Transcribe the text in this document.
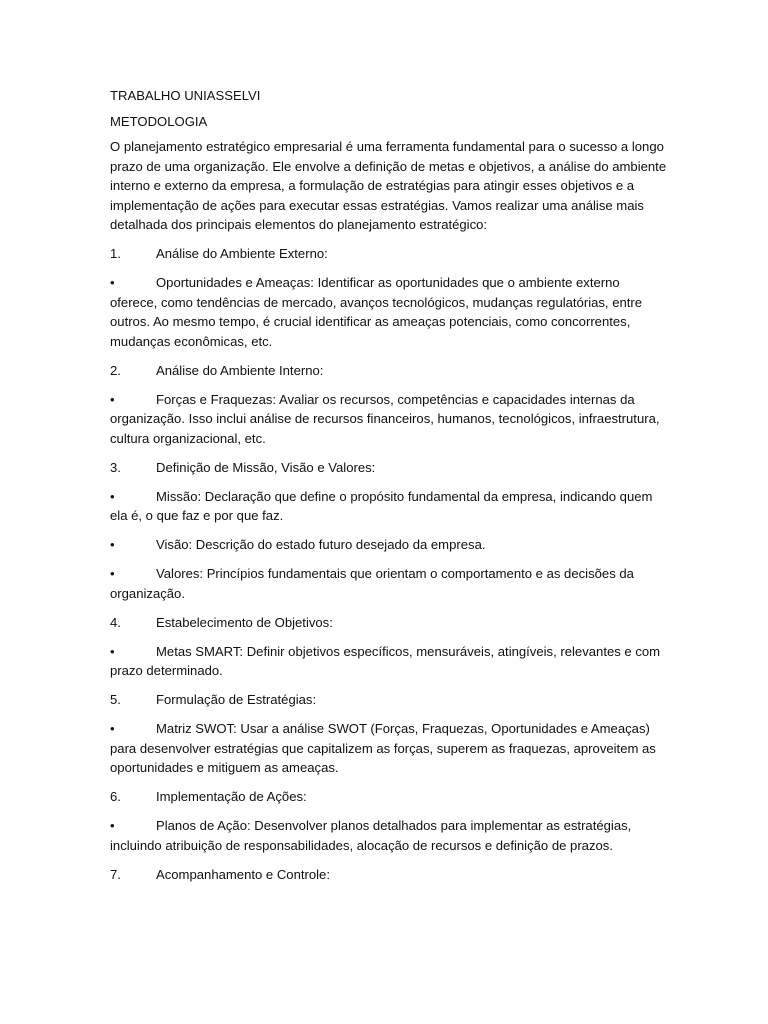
TRABALHO UNIASSELVI
METODOLOGIA
O planejamento estratégico empresarial é uma ferramenta fundamental para o sucesso a longo prazo de uma organização. Ele envolve a definição de metas e objetivos, a análise do ambiente interno e externo da empresa, a formulação de estratégias para atingir esses objetivos e a implementação de ações para executar essas estratégias. Vamos realizar uma análise mais detalhada dos principais elementos do planejamento estratégico:
1.	Análise do Ambiente Externo:
•	Oportunidades e Ameaças: Identificar as oportunidades que o ambiente externo oferece, como tendências de mercado, avanços tecnológicos, mudanças regulatórias, entre outros. Ao mesmo tempo, é crucial identificar as ameaças potenciais, como concorrentes, mudanças econômicas, etc.
2.	Análise do Ambiente Interno:
•	Forças e Fraquezas: Avaliar os recursos, competências e capacidades internas da organização. Isso inclui análise de recursos financeiros, humanos, tecnológicos, infraestrutura, cultura organizacional, etc.
3.	Definição de Missão, Visão e Valores:
•	Missão: Declaração que define o propósito fundamental da empresa, indicando quem ela é, o que faz e por que faz.
•	Visão: Descrição do estado futuro desejado da empresa.
•	Valores: Princípios fundamentais que orientam o comportamento e as decisões da organização.
4.	Estabelecimento de Objetivos:
•	Metas SMART: Definir objetivos específicos, mensuráveis, atingíveis, relevantes e com prazo determinado.
5.	Formulação de Estratégias:
•	Matriz SWOT: Usar a análise SWOT (Forças, Fraquezas, Oportunidades e Ameaças) para desenvolver estratégias que capitalizem as forças, superem as fraquezas, aproveitem as oportunidades e mitiguem as ameaças.
6.	Implementação de Ações:
•	Planos de Ação: Desenvolver planos detalhados para implementar as estratégias, incluindo atribuição de responsabilidades, alocação de recursos e definição de prazos.
7.	Acompanhamento e Controle:
